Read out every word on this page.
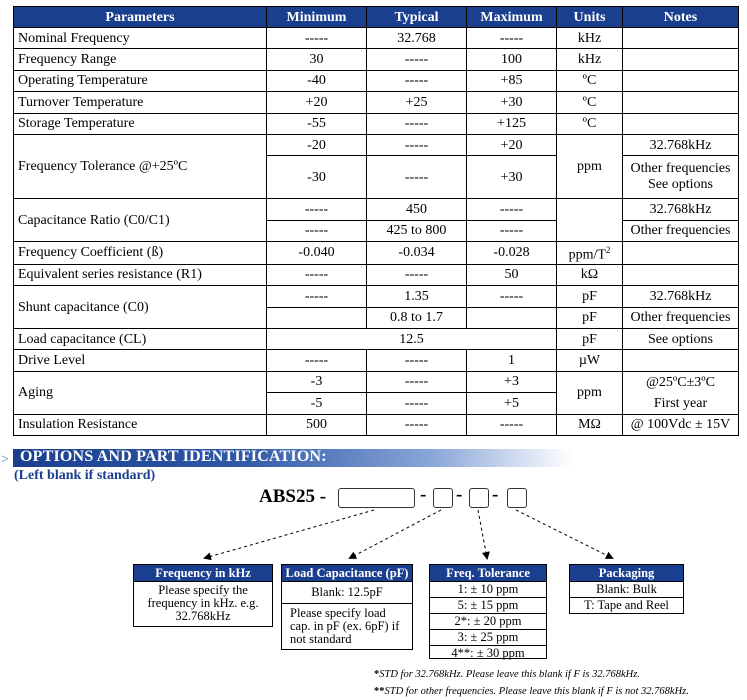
Parameters	Minimum	Typical	Maximum	Units	Notes
Nominal Frequency	-----	32.768	-----	kHz	
Frequency Range	30	-----	100	kHz	
Operating Temperature	-40	-----	+85	ºC	
Turnover Temperature	+20	+25	+30	ºC	
Storage Temperature	-55	-----	+125	ºC	
Frequency Tolerance @+25ºC	-20	-----	+20	ppm	32.768kHz
	-30	-----	+30		Other frequencies
See options

Capacitance Ratio (C0/C1)	-----	450	-----		32.768kHz
	-----	425 to 800	-----		Other frequencies
Frequency Coefficient (ß)	-0.040	-0.034	-0.028	ppm/$T^2$	
Equivalent series resistance (R1)	-----	-----	50	kΩ	
Shunt capacitance (C0)	-----	1.35	-----	pF	32.768kHz
		0.8 to 1.7		pF	Other frequencies
Load capacitance (CL)	12.5			pF	See options
Drive Level	-----	-----	1	µW	
Aging	-3	-----	+3	ppm	@25ºC±3ºC
	-5	-----	+5		First year
Insulation Resistance	500	-----	-----	MΩ	@ 100Vdc ± 15V
> OPTIONS AND PART IDENTIFICATION:
(Left blank if standard)
ABS25 -	- - -
Frequency in kHz
Please specify the frequency in kHz. e.g. 32.768kHz
Load Capacitance (pF)
Blank: 12.5pF
Please specify load cap. in pF (ex. 6pF) if not standard
Freq. Tolerance
1: ± 10 ppm
5: ± 15 ppm
2*: ± 20 ppm
3: ± 25 ppm
4**: ± 30 ppm
Packaging
Blank: Bulk
T: Tape and Reel
*STD for 32.768kHz. Please leave this blank if F is 32.768kHz.
**STD for other frequencies. Please leave this blank if F is not 32.768kHz.
